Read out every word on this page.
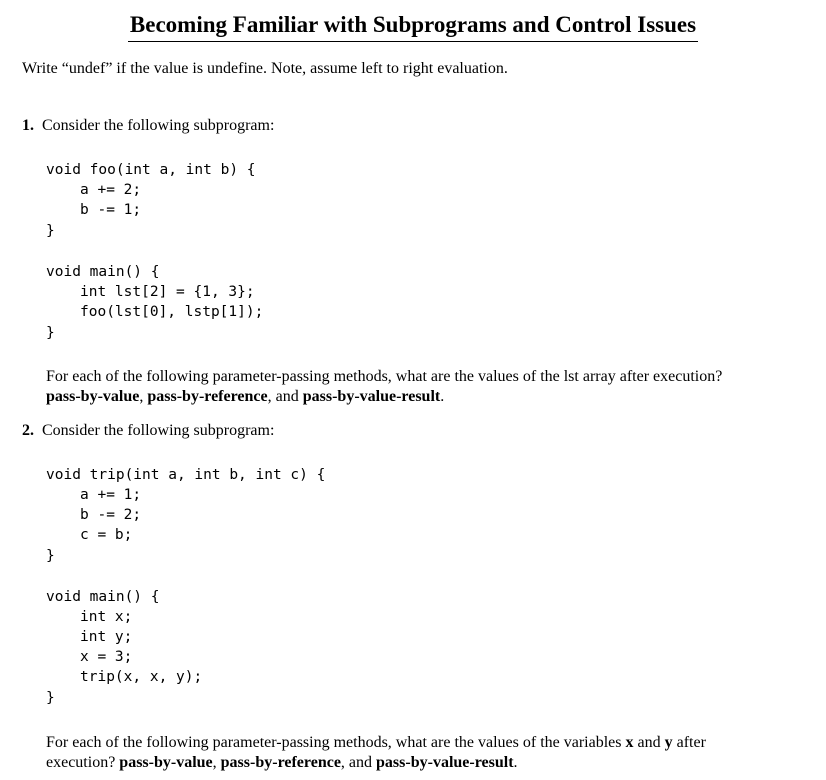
Becoming Familiar with Subprograms and Control Issues
Write “undef” if the value is undefine. Note, assume left to right evaluation.
1. Consider the following subprogram:
void foo(int a, int b) {
a += 2;
b -= 1;
}
void main() {
int lst[2] = {1, 3};
foo(lst[0], lstp[1]);
}
For each of the following parameter-passing methods, what are the values of the lst array after execution? pass-by-value, pass-by-reference, and pass-by-value-result.
2. Consider the following subprogram:
void trip(int a, int b, int c) {
a += 1;
b -= 2;
c = b;
}
void main() {
int x;
int y;
x = 3;
trip(x, x, y);
}
For each of the following parameter-passing methods, what are the values of the variables x and y after execution? pass-by-value, pass-by-reference, and pass-by-value-result.
